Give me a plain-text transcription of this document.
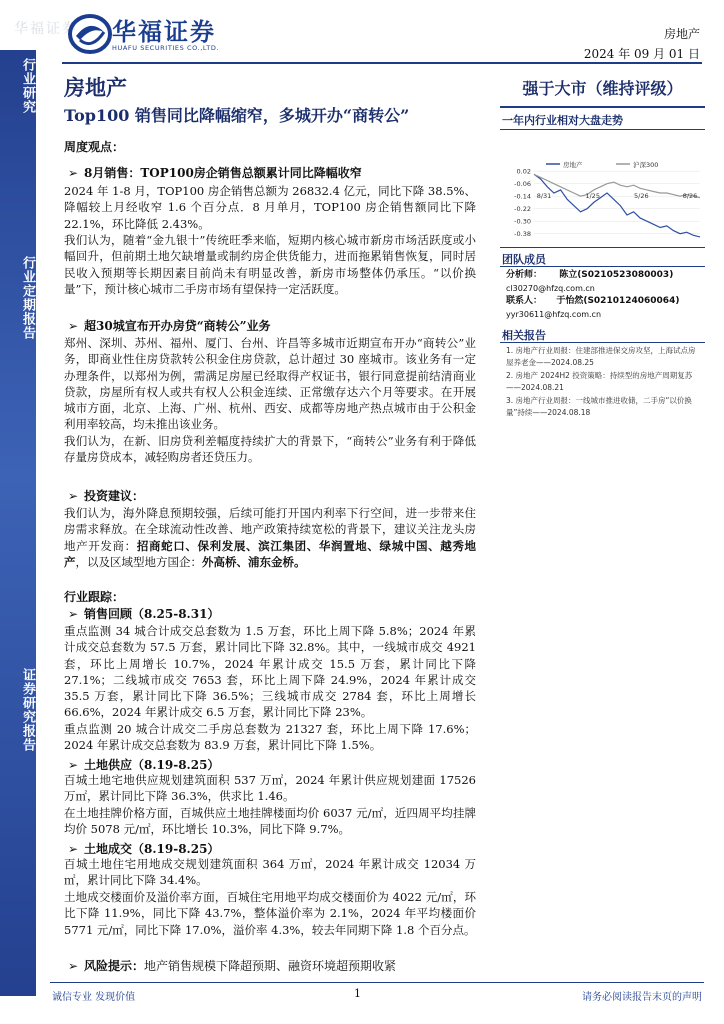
华福证券 华福证券
HUAFU SECURITIES CO.,LTD.
房地产
2024 年 09 月 01 日
行业研究
行业定期报告
证券研究报告
房地产
Top100 销售同比降幅缩窄，多城开办“商转公”
周度观点：
➢ 8月销售：TOP100房企销售总额累计同比降幅收窄

2024 年 1-8 月，TOP100 房企销售总额为 26832.4 亿元，同比下降 38.5%、降幅较上月经收窄 1.6 个百分点．8 月单月，TOP100 房企销售额同比下降 22.1%，环比降低 2.43%。

我们认为，随着“金九银十”传统旺季来临，短期内核心城市新房市场活跃度或小幅回升，但前期土地欠缺增量或制约房企供货能力，进而拖累销售恢复，同时居民收入预期等长期因素目前尚未有明显改善，新房市场整体仍承压。“以价换量”下，预计核心城市二手房市场有望保持一定活跃度。

➢ 超30城宣布开办房贷“商转公”业务

郑州、深圳、苏州、福州、厦门、台州、许昌等多城市近期宣布开办“商转公”业务，即商业性住房贷款转公积金住房贷款，总计超过 30 座城市。该业务有一定办理条件，以郑州为例，需满足房屋已经取得产权证书，银行同意提前结清商业贷款，房屋所有权人或共有权人公积金连续、正常缴存达六个月等要求。在开展城市方面，北京、上海、广州、杭州、西安、成都等房地产热点城市由于公积金利用率较高，均未推出该业务。

我们认为，在新、旧房贷利差幅度持续扩大的背景下，“商转公”业务有利于降低存量房贷成本，减轻购房者还贷压力。

➢ 投资建议：

我们认为，海外降息预期较强，后续可能打开国内利率下行空间，进一步带来住房需求释放。在全球流动性改善、地产政策持续宽松的背景下，建议关注龙头房地产开发商：招商蛇口、保利发展、滨江集团、华润置地、绿城中国、越秀地产，以及区域型地方国企：外高桥、浦东金桥。

行业跟踪：
➢ 销售回顾（8.25-8.31）

重点监测 34 城合计成交总套数为 1.5 万套，环比上周下降 5.8%；2024 年累计成交总套数为 57.5 万套，累计同比下降 32.8%。其中，一线城市成交 4921 套，环比上周增长 10.7%，2024 年累计成交 15.5 万套，累计同比下降 27.1%；二线城市成交 7653 套，环比上周下降 24.9%，2024 年累计成交 35.5 万套，累计同比下降 36.5%；三线城市成交 2784 套，环比上周增长 66.6%，2024 年累计成交 6.5 万套，累计同比下降 23%。

重点监测 20 城合计成交二手房总套数为 21327 套，环比上周下降 17.6%；2024 年累计成交总套数为 83.9 万套，累计同比下降 1.5%。

➢ 土地供应（8.19-8.25）

百城土地宅地供应规划建筑面积 537 万㎡，2024 年累计供应规划建面 17526 万㎡，累计同比下降 36.3%，供求比 1.46。

在土地挂牌价格方面，百城供应土地挂牌楼面均价 6037 元/㎡，近四周平均挂牌均价 5078 元/㎡，环比增长 10.3%，同比下降 9.7%。

➢ 土地成交（8.19-8.25）

百城土地住宅用地成交规划建筑面积 364 万㎡，2024 年累计成交 12034 万㎡，累计同比下降 34.4%。

土地成交楼面价及溢价率方面，百城住宅用地平均成交楼面价为 4022 元/㎡，环比下降 11.9%，同比下降 43.7%，整体溢价率为 2.1%，2024 年平均楼面价 5771 元/㎡，同比下降 17.0%，溢价率 4.3%，较去年同期下降 1.8 个百分点。

➢ 风险提示：地产销售规模下降超预期、融资环境超预期收紧
强于大市（维持评级）
一年内行业相对大盘走势
房地产	沪深300
0.02
-0.06
-0.14
-0.22
-0.30
-0.38
8/31	1/25	5/26	8/26
团队成员
分析师： 陈立(S0210523080003)
cl30270@hfzq.com.cn
联系人： 于怡然(S0210124060064)
yyr30611@hfzq.com.cn
相关报告
1. 房地产行业周报：住建部推进保交房攻坚，上海试点房屋养老金——2024.08.25
2. 房地产 2024H2 投资策略：持续型的房地产周期复苏——2024.08.21
3. 房地产行业周报：一线城市推进收储，二手房“以价换量”持续——2024.08.18
诚信专业 发现价值	1	请务必阅读报告末页的声明
